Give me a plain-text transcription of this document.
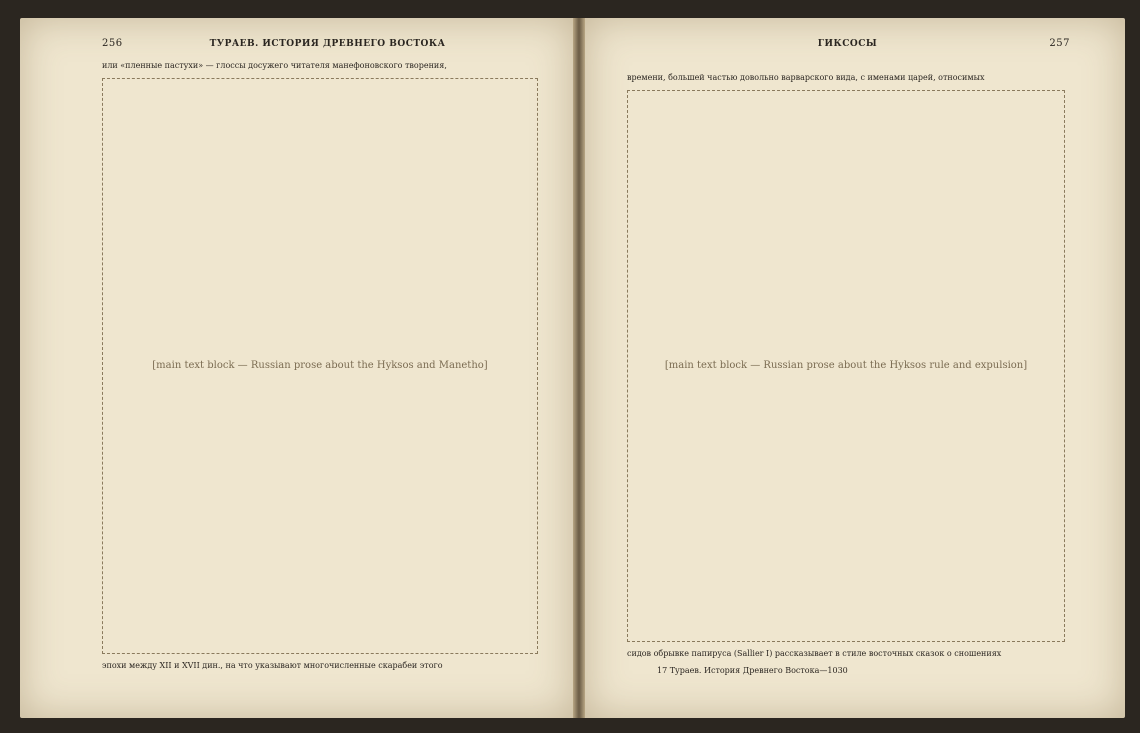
256	ТУРАЕВ. ИСТОРИЯ ДРЕВНЕГО ВОСТОКА
или «пленные пастухи» — глоссы досужего читателя манефоновского творения,
[main text block — Russian prose about the Hyksos and Manetho]
эпохи между XII и XVII дин., на что указывают многочисленные скарабеи этого
ГИКСОСЫ	257
времени, большей частью довольно варварского вида, с именами царей, относимых
[main text block — Russian prose about the Hyksos rule and expulsion]
сидов обрывке папируса (Sallier I) рассказывает в стиле восточных сказок о сношениях
17 Тураев. История Древнего Востока—1030
